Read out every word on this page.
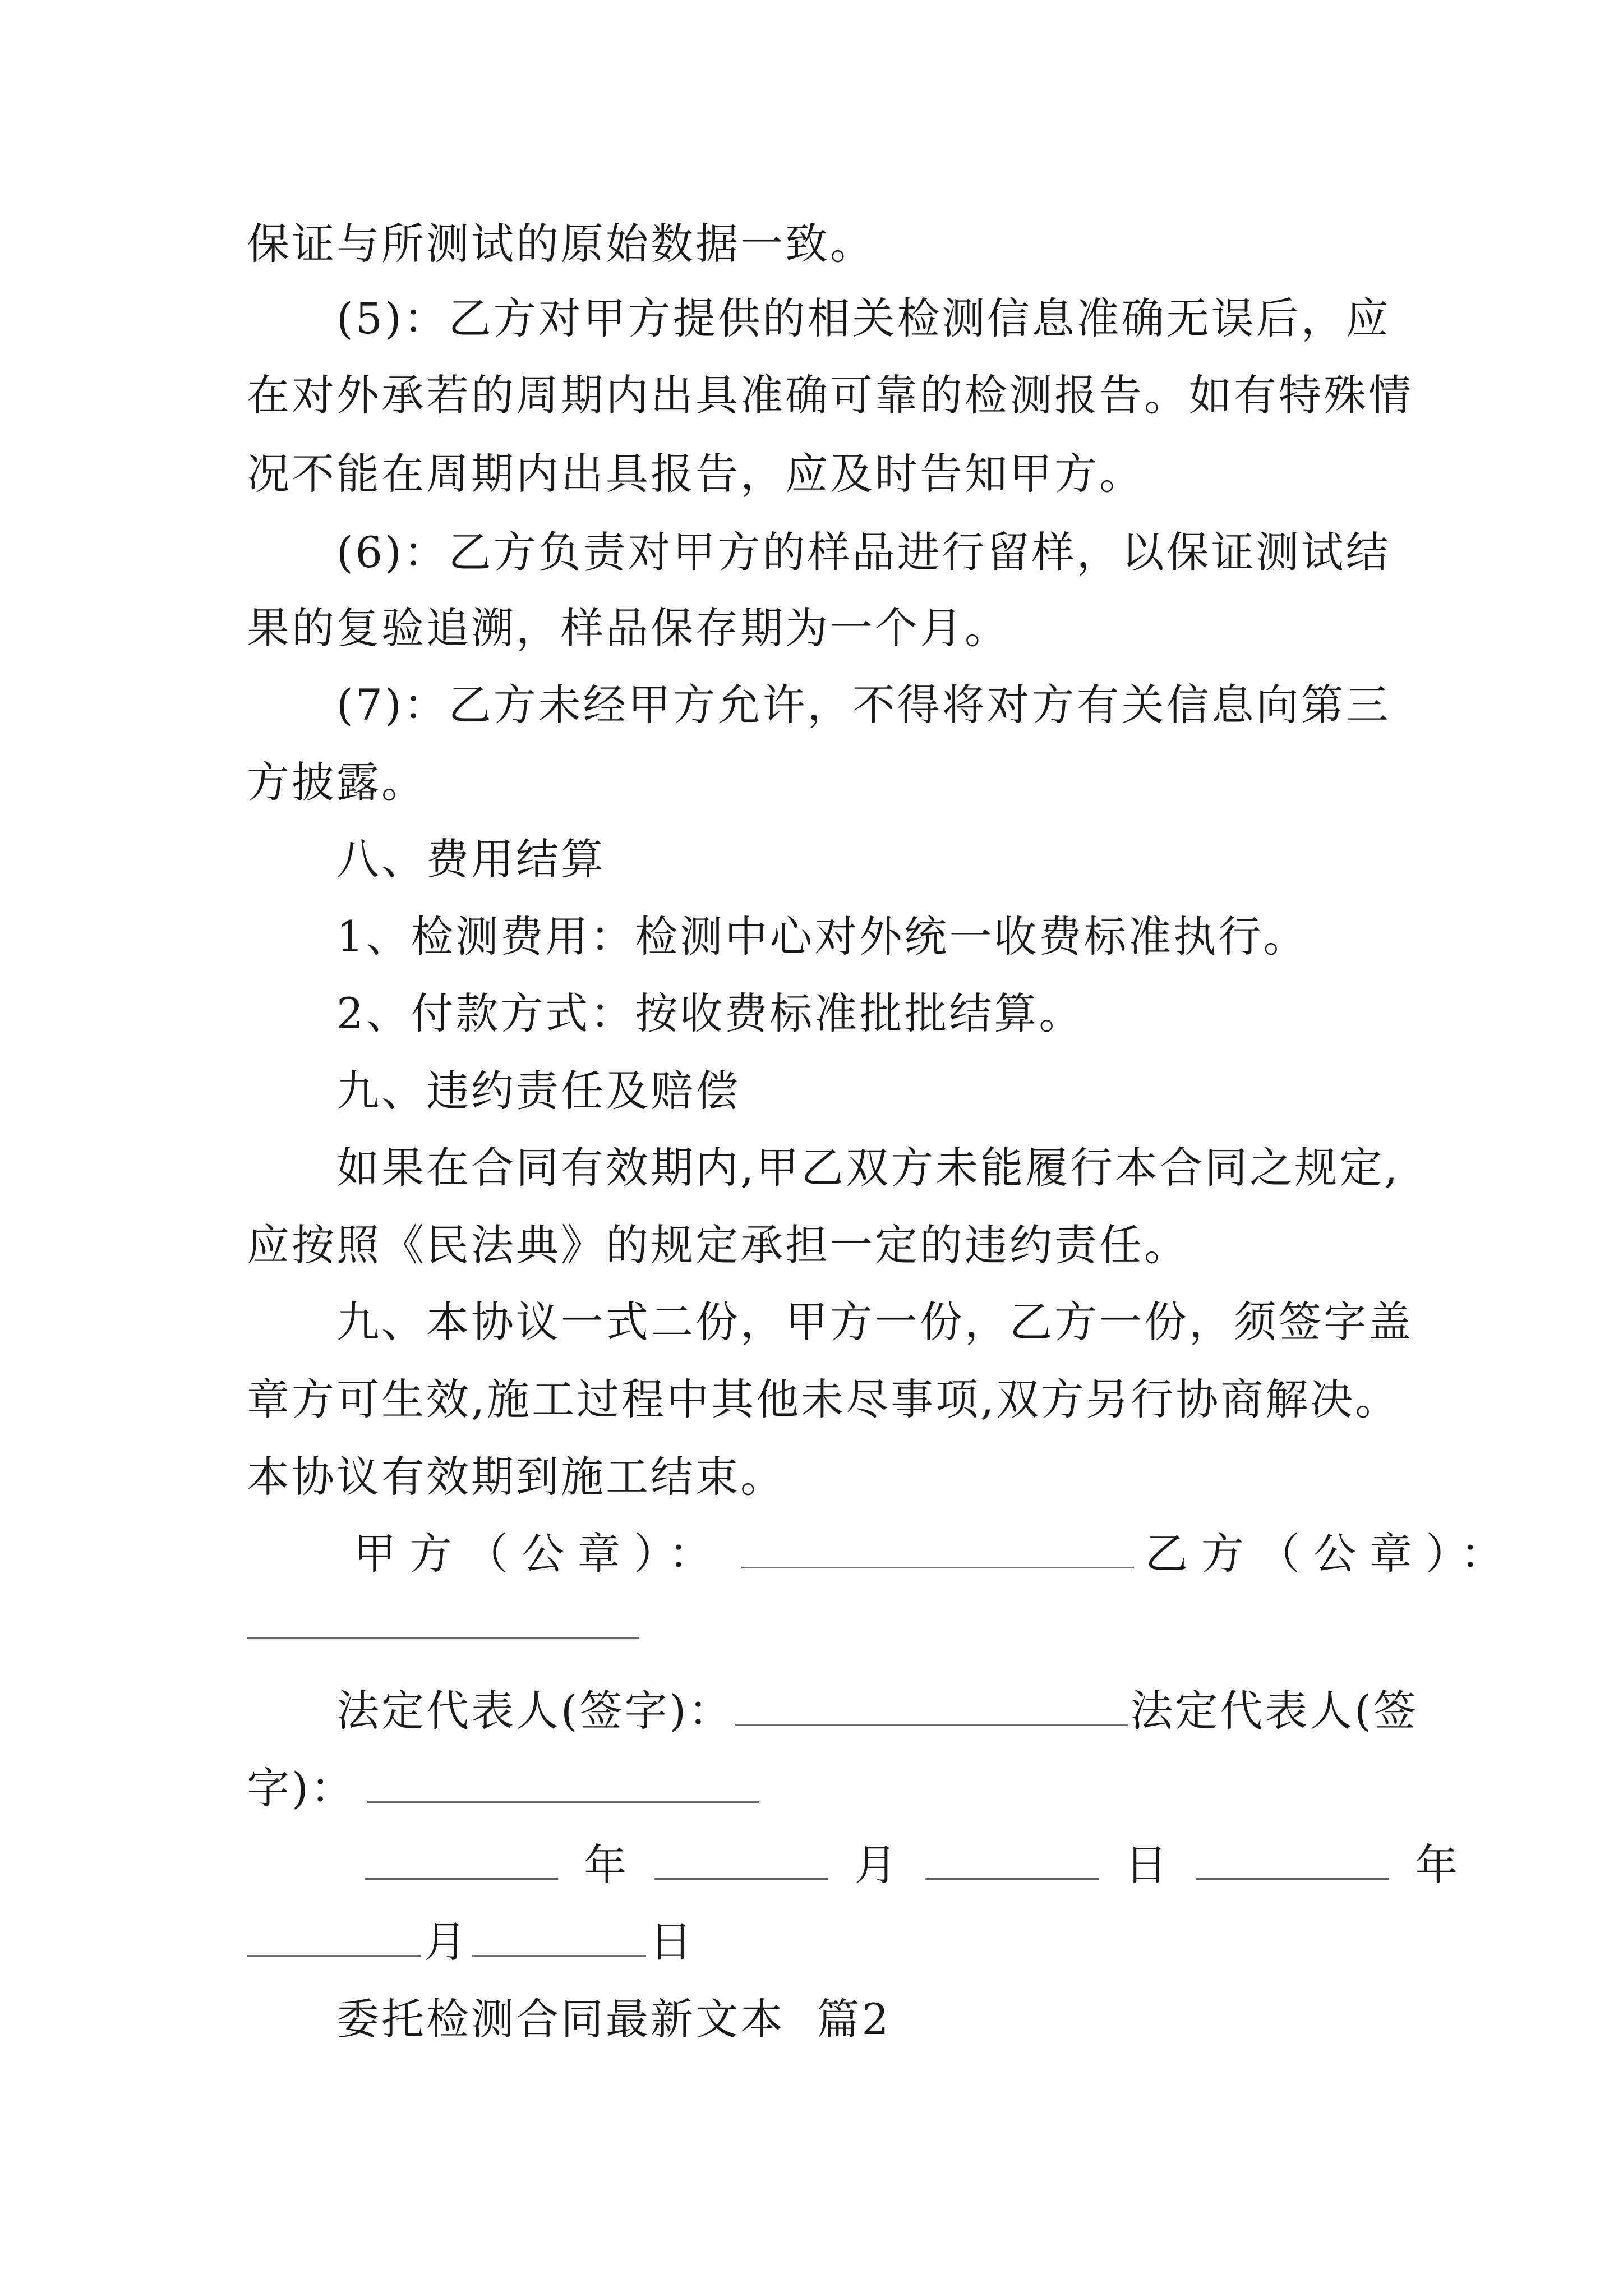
保证与所测试的原始数据一致。
(5)：乙方对甲方提供的相关检测信息准确无误后，应
在对外承若的周期内出具准确可靠的检测报告。如有特殊情
况不能在周期内出具报告，应及时告知甲方。
(6)：乙方负责对甲方的样品进行留样，以保证测试结
果的复验追溯，样品保存期为一个月。
(7)：乙方未经甲方允许，不得将对方有关信息向第三
方披露。
八、费用结算
1、检测费用：检测中心对外统一收费标准执行。
2、付款方式：按收费标准批批结算。
九、违约责任及赔偿
如果在合同有效期内,甲乙双方未能履行本合同之规定,
应按照《民法典》的规定承担一定的违约责任。
九、本协议一式二份，甲方一份，乙方一份，须签字盖
章方可生效,施工过程中其他未尽事项,双方另行协商解决。
本协议有效期到施工结束。
甲方（公章）：	乙方（公章）：
法定代表人(签字)：	法定代表人(签
字)：
年	月	日	年
月	日
委托检测合同最新文本  篇2
